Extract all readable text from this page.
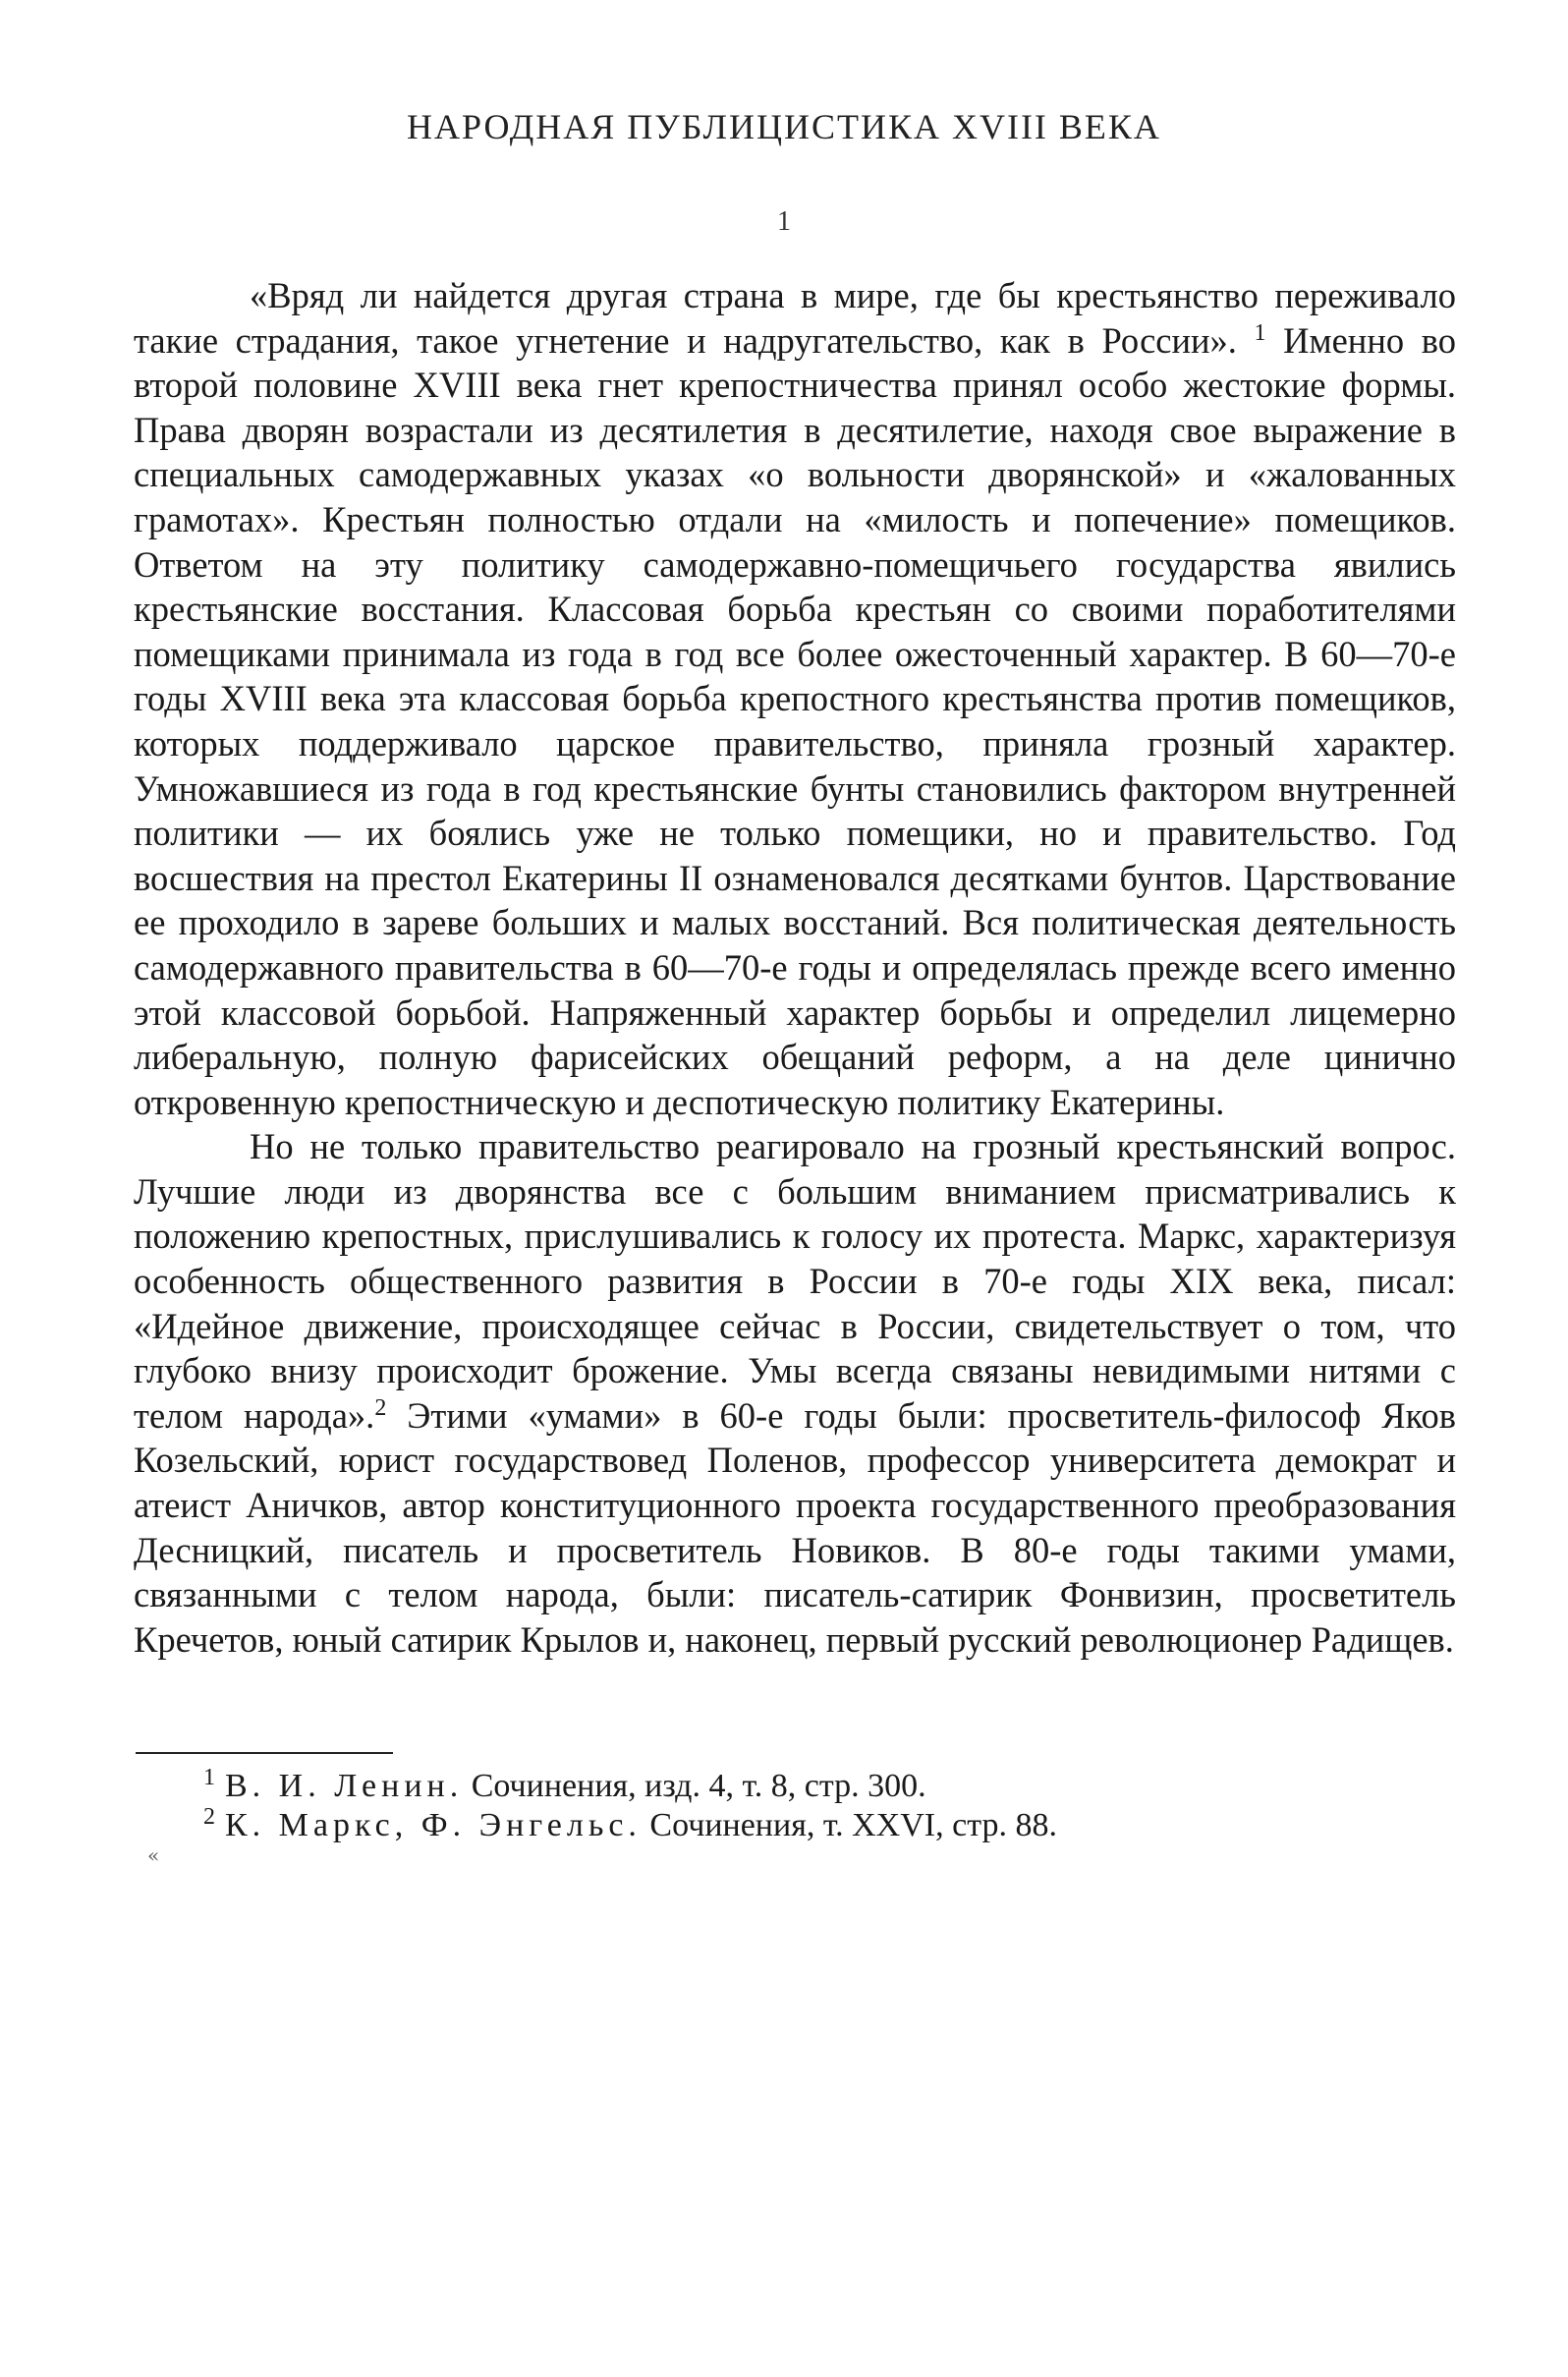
НАРОДНАЯ ПУБЛИЦИСТИКА XVIII ВЕКА
1

«Вряд ли найдется другая страна в мире, где бы крестьянство переживало такие страдания, такое угнетение и надругательство, как в России». $^1$ Именно во второй половине XVIII века гнет крепостничества принял особо жестокие формы. Права дворян возрастали из десятилетия в десятилетие, находя свое выражение в специальных самодержавных указах «о вольности дворянской» и «жалованных грамотах». Крестьян полностью отдали на «милость и попечение» помещиков. Ответом на эту политику самодержавно-помещичьего государства явились крестьянские восстания. Классовая борьба крестьян со своими поработителями помещиками принимала из года в год все более ожесточенный характер. В 60—70-е годы XVIII века эта классовая борьба крепостного крестьянства против помещиков, которых поддерживало царское правительство, приняла грозный характер. Умножавшиеся из года в год крестьянские бунты становились фактором внутренней политики — их боялись уже не только помещики, но и правительство. Год восшествия на престол Екатерины II ознаменовался десятками бунтов. Царствование ее проходило в зареве больших и малых восстаний. Вся политическая деятельность самодержавного правительства в 60—70-е годы и определялась прежде всего именно этой классовой борьбой. Напряженный характер борьбы и определил лицемерно либеральную, полную фарисейских обещаний реформ, а на деле цинично откровенную крепостническую и деспотическую политику Екатерины.

Но не только правительство реагировало на грозный крестьянский вопрос. Лучшие люди из дворянства все с большим вниманием присматривались к положению крепостных, прислушивались к голосу их протеста. Маркс, характеризуя особенность общественного развития в России в 70-е годы XIX века, писал: «Идейное движение, происходящее сейчас в России, свидетельствует о том, что глубоко внизу происходит брожение. Умы всегда связаны невидимыми нитями с телом народа».$^2$ Этими «умами» в 60-е годы были: просветитель-философ Яков Козельский, юрист государствовед Поленов, профессор университета демократ и атеист Аничков, автор конституционного проекта государственного преобразования Десницкий, писатель и просветитель Новиков. В 80-е годы такими умами, связанными с телом народа, были: писатель-сатирик Фонвизин, просветитель Кречетов, юный сатирик Крылов и, наконец, первый русский революционер Радищев.

$^1$ В. И. Ленин. Сочинения, изд. 4, т. 8, стр. 300.

$^2$ К. Маркс, Ф. Энгельс. Сочинения, т. XXVI, стр. 88.

«
